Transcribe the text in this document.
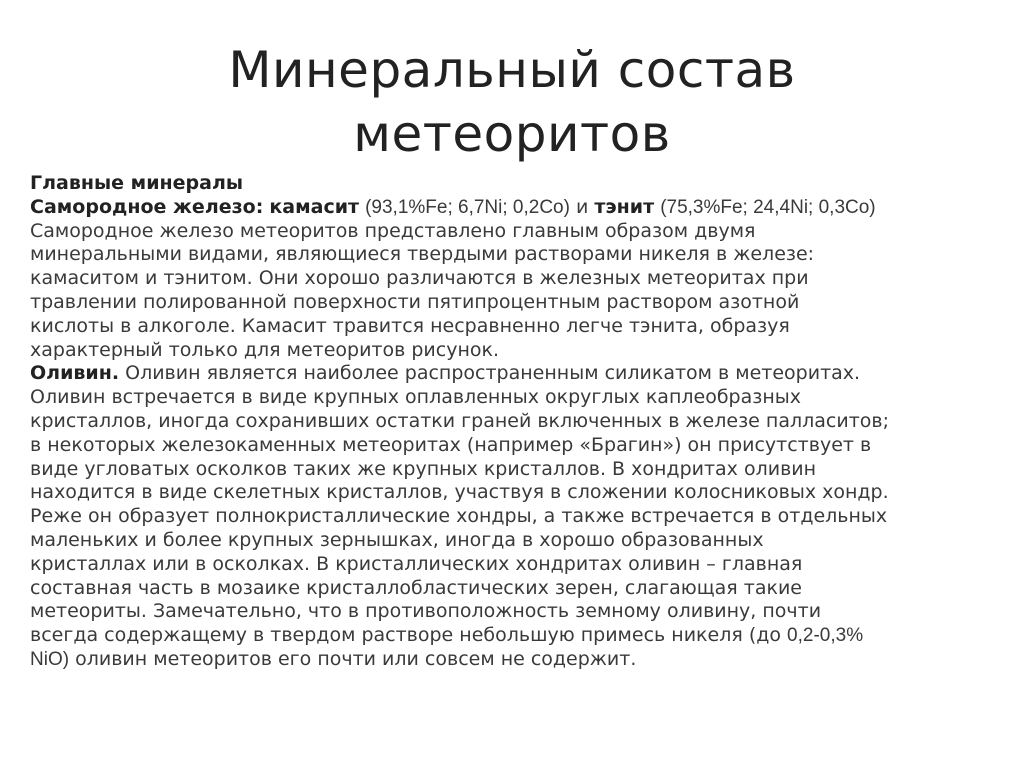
Минеральный состав
метеоритов
Главные минералы
Самородное железо: камасит (93,1%Fe; 6,7Ni; 0,2Co) и тэнит (75,3%Fe; 24,4Ni; 0,3Co)
Самородное железо метеоритов представлено главным образом двумя
минеральными видами, являющиеся твердыми растворами никеля в железе:
камаситом и тэнитом. Они хорошо различаются в железных метеоритах при
травлении полированной поверхности пятипроцентным раствором азотной
кислоты в алкоголе. Камасит травится несравненно легче тэнита, образуя
характерный только для метеоритов рисунок.
Оливин. Оливин является наиболее распространенным силикатом в метеоритах.
Оливин встречается в виде крупных оплавленных округлых каплеобразных
кристаллов, иногда сохранивших остатки граней включенных в железе палласитов;
в некоторых железокаменных метеоритах (например «Брагин») он присутствует в
виде угловатых осколков таких же крупных кристаллов. В хондритах оливин
находится в виде скелетных кристаллов, участвуя в сложении колосниковых хондр.
Реже он образует полнокристаллические хондры, а также встречается в отдельных
маленьких и более крупных зернышках, иногда в хорошо образованных
кристаллах или в осколках. В кристаллических хондритах оливин – главная
составная часть в мозаике кристаллобластических зерен, слагающая такие
метеориты. Замечательно, что в противоположность земному оливину, почти
всегда содержащему в твердом растворе небольшую примесь никеля (до 0,2-0,3%
NiO) оливин метеоритов его почти или совсем не содержит.
